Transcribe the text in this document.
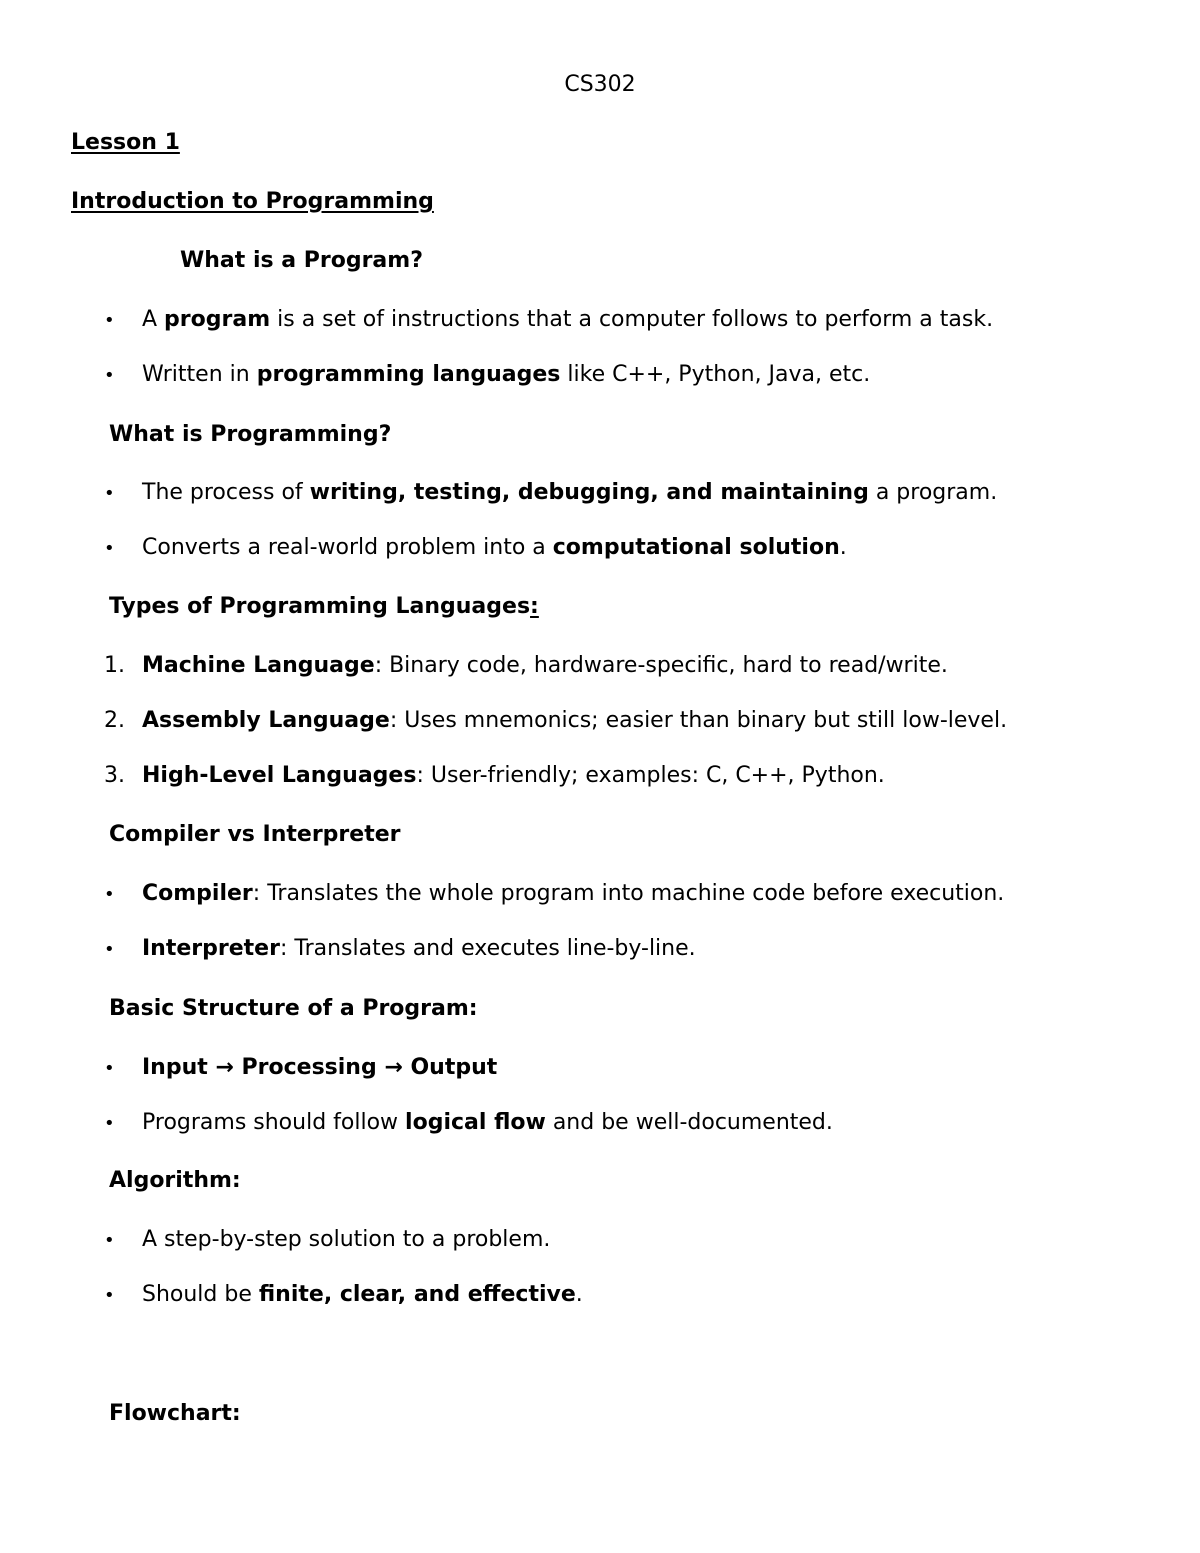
CS302
Lesson 1
Introduction to Programming
What is a Program?
• A program is a set of instructions that a computer follows to perform a task.
• Written in programming languages like C++, Python, Java, etc.
What is Programming?
• The process of writing, testing, debugging, and maintaining a program.
• Converts a real-world problem into a computational solution.
Types of Programming Languages:
1. Machine Language: Binary code, hardware-specific, hard to read/write.
2. Assembly Language: Uses mnemonics; easier than binary but still low-level.
3. High-Level Languages: User-friendly; examples: C, C++, Python.
Compiler vs Interpreter
• Compiler: Translates the whole program into machine code before execution.
• Interpreter: Translates and executes line-by-line.
Basic Structure of a Program:
• Input → Processing → Output
• Programs should follow logical flow and be well-documented.
Algorithm:
• A step-by-step solution to a problem.
• Should be finite, clear, and effective.
Flowchart:
